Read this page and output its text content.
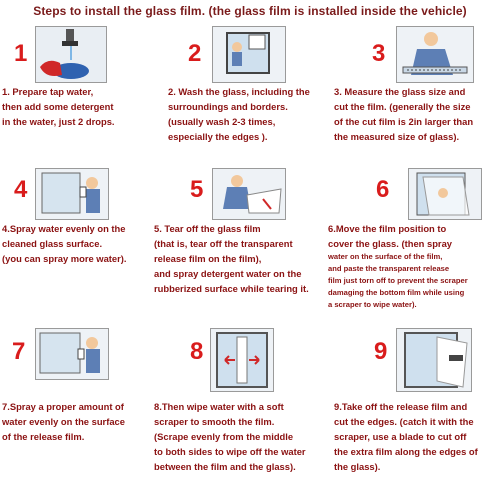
Steps to install the glass film. (the glass film is installed inside the vehicle)
1
1. Prepare tap water,
then add some detergent
in the water, just 2 drops.
2
2. Wash the glass, including the
surroundings and borders.
(usually wash 2-3 times,
especially the edges ).
3
3. Measure the glass size and
cut the film. (generally the size
of the cut film is 2in larger than
the measured size of glass).
4
4.Spray water evenly on the
cleaned glass surface.
(you can spray more water).
5
5. Tear off the glass film
(that is, tear off the transparent
release film on the film),
and spray detergent water on the
rubberized surface while tearing it.
6
6.Move the film position to
cover the glass. (then spray
water on the surface of the film,
and paste the transparent release
film just torn off to prevent the scraper
damaging the bottom film while using
a scraper to wipe water).
7
7.Spray a proper amount of
water evenly on the surface
of the release film.
8
8.Then wipe water with a soft
scraper to smooth the film.
(Scrape evenly from the middle
to both sides to wipe off the water
between the film and the glass).
9
9.Take off the release film and
cut the edges. (catch it with the
scraper, use a blade to cut off
the extra film along the edges of
the glass).
